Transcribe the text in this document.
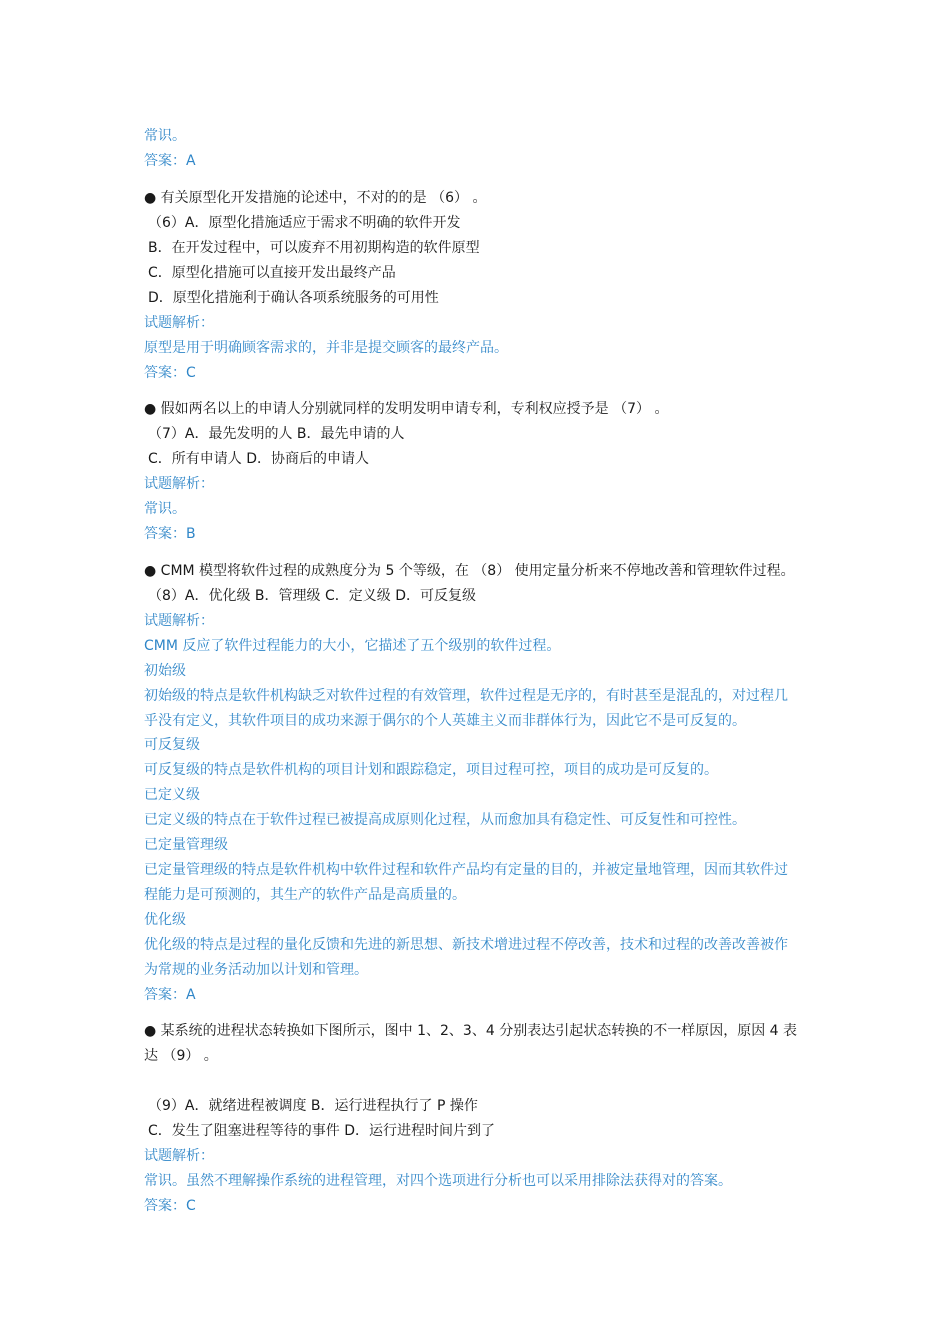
常识。

答案：A

● 有关原型化开发措施的论述中，不对的的是 （6） 。

（6）A．原型化措施适应于需求不明确的软件开发

B．在开发过程中，可以废弃不用初期构造的软件原型

C．原型化措施可以直接开发出最终产品

D．原型化措施利于确认各项系统服务的可用性

试题解析：

原型是用于明确顾客需求的，并非是提交顾客的最终产品。

答案：C

● 假如两名以上的申请人分别就同样的发明发明申请专利，专利权应授予是 （7） 。

（7）A．最先发明的人 B．最先申请的人

C．所有申请人 D．协商后的申请人

试题解析：

常识。

答案：B

● CMM 模型将软件过程的成熟度分为 5 个等级，在 （8） 使用定量分析来不停地改善和管理软件过程。

（8）A．优化级 B．管理级 C．定义级 D．可反复级

试题解析：

CMM 反应了软件过程能力的大小，它描述了五个级别的软件过程。

初始级

初始级的特点是软件机构缺乏对软件过程的有效管理，软件过程是无序的，有时甚至是混乱的，对过程几

乎没有定义，其软件项目的成功来源于偶尔的个人英雄主义而非群体行为，因此它不是可反复的。

可反复级

可反复级的特点是软件机构的项目计划和跟踪稳定，项目过程可控，项目的成功是可反复的。

已定义级

已定义级的特点在于软件过程已被提高成原则化过程，从而愈加具有稳定性、可反复性和可控性。

已定量管理级

已定量管理级的特点是软件机构中软件过程和软件产品均有定量的目的，并被定量地管理，因而其软件过

程能力是可预测的，其生产的软件产品是高质量的。

优化级

优化级的特点是过程的量化反馈和先进的新思想、新技术增进过程不停改善，技术和过程的改善改善被作

为常规的业务活动加以计划和管理。

答案：A

● 某系统的进程状态转换如下图所示，图中 1、2、3、4 分别表达引起状态转换的不一样原因，原因 4 表

达 （9） 。

（9）A．就绪进程被调度 B．运行进程执行了 P 操作

C．发生了阻塞进程等待的事件 D．运行进程时间片到了

试题解析：

常识。虽然不理解操作系统的进程管理，对四个选项进行分析也可以采用排除法获得对的答案。

答案：C
